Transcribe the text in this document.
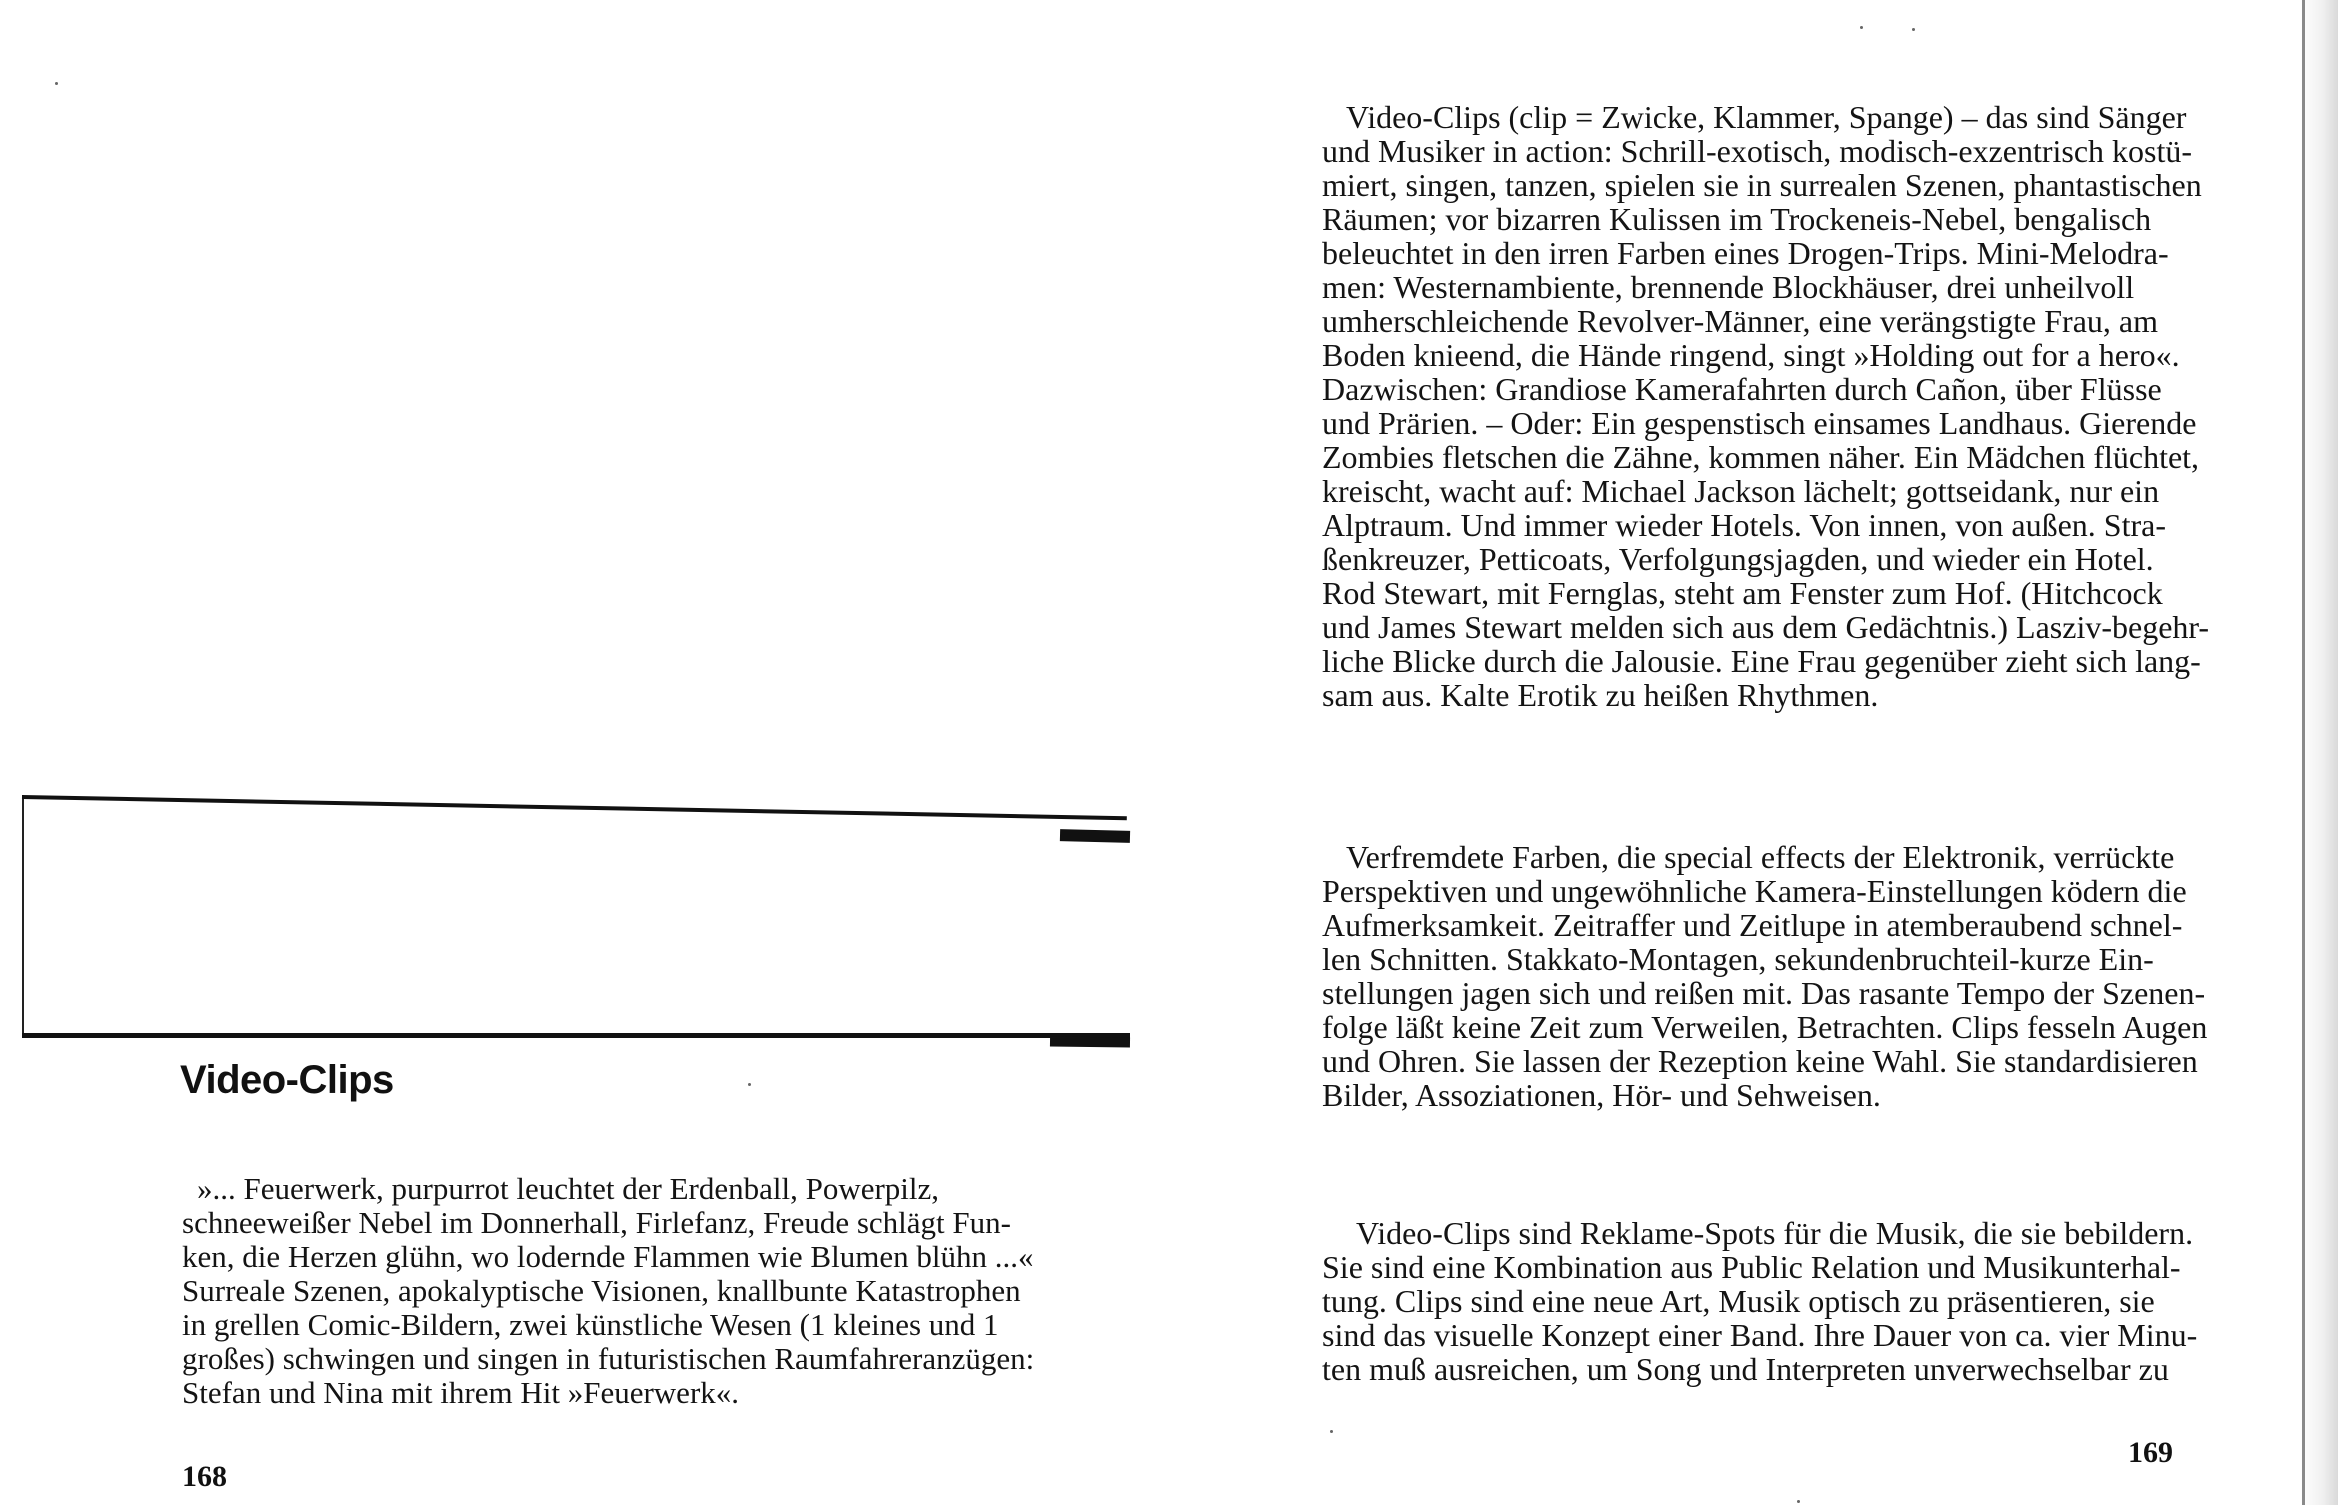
Video-Clips
»... Feuerwerk, purpurrot leuchtet der Erdenball, Powerpilz,
schneeweißer Nebel im Donnerhall, Firlefanz, Freude schlägt Fun-
ken, die Herzen glühn, wo lodernde Flammen wie Blumen blühn ...«
Surreale Szenen, apokalyptische Visionen, knallbunte Katastrophen
in grellen Comic-Bildern, zwei künstliche Wesen (1 kleines und 1
großes) schwingen und singen in futuristischen Raumfahreranzügen:
Stefan und Nina mit ihrem Hit »Feuerwerk«.
168
Video-Clips (clip = Zwicke, Klammer, Spange) – das sind Sänger
und Musiker in action: Schrill-exotisch, modisch-exzentrisch kostü-
miert, singen, tanzen, spielen sie in surrealen Szenen, phantastischen
Räumen; vor bizarren Kulissen im Trockeneis-Nebel, bengalisch
beleuchtet in den irren Farben eines Drogen-Trips. Mini-Melodra-
men: Westernambiente, brennende Blockhäuser, drei unheilvoll
umherschleichende Revolver-Männer, eine verängstigte Frau, am
Boden knieend, die Hände ringend, singt »Holding out for a hero«.
Dazwischen: Grandiose Kamerafahrten durch Cañon, über Flüsse
und Prärien. – Oder: Ein gespenstisch einsames Landhaus. Gierende
Zombies fletschen die Zähne, kommen näher. Ein Mädchen flüchtet,
kreischt, wacht auf: Michael Jackson lächelt; gottseidank, nur ein
Alptraum. Und immer wieder Hotels. Von innen, von außen. Stra-
ßenkreuzer, Petticoats, Verfolgungsjagden, und wieder ein Hotel.
Rod Stewart, mit Fernglas, steht am Fenster zum Hof. (Hitchcock
und James Stewart melden sich aus dem Gedächtnis.) Lasziv-begehr-
liche Blicke durch die Jalousie. Eine Frau gegenüber zieht sich lang-
sam aus. Kalte Erotik zu heißen Rhythmen.
Verfremdete Farben, die special effects der Elektronik, verrückte
Perspektiven und ungewöhnliche Kamera-Einstellungen ködern die
Aufmerksamkeit. Zeitraffer und Zeitlupe in atemberaubend schnel-
len Schnitten. Stakkato-Montagen, sekundenbruchteil-kurze Ein-
stellungen jagen sich und reißen mit. Das rasante Tempo der Szenen-
folge läßt keine Zeit zum Verweilen, Betrachten. Clips fesseln Augen
und Ohren. Sie lassen der Rezeption keine Wahl. Sie standardisieren
Bilder, Assoziationen, Hör- und Sehweisen.
Video-Clips sind Reklame-Spots für die Musik, die sie bebildern.
Sie sind eine Kombination aus Public Relation und Musikunterhal-
tung. Clips sind eine neue Art, Musik optisch zu präsentieren, sie
sind das visuelle Konzept einer Band. Ihre Dauer von ca. vier Minu-
ten muß ausreichen, um Song und Interpreten unverwechselbar zu
169
